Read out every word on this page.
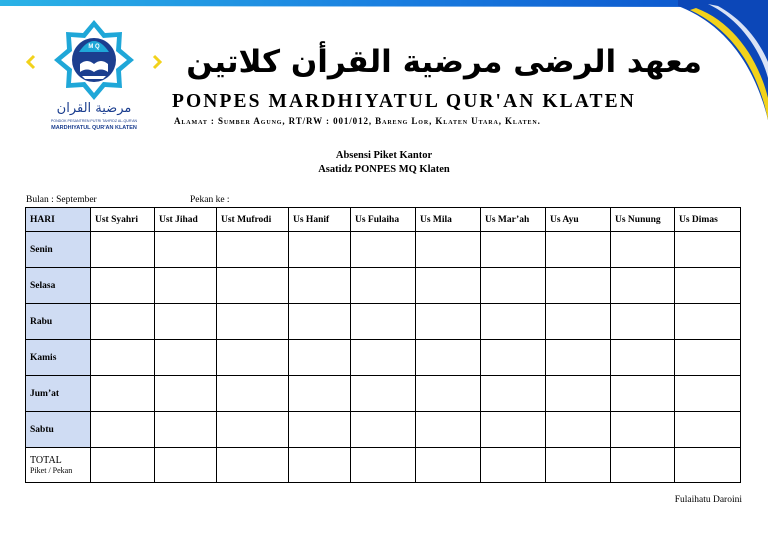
M Q
مرضية القران
PONDOK PESANTREN PUTRI TAHFIDZ AL-QUR'AN
MARDHIYATUL QUR'AN KLATEN
معهد الرضى مرضية القرأن كلاتين
PONPES MARDHIYATUL QUR'AN KLATEN
Alamat : Sumber Agung, RT/RW : 001/012, Bareng Lor, Klaten Utara, Klaten.
Absensi Piket Kantor
Asatidz PONPES MQ Klaten
Bulan : September	Pekan ke :
HARI	Ust Syahri	Ust Jihad	Ust Mufrodi	Us Hanif	Us Fulaiha	Us Mila	Us Mar’ah	Us Ayu	Us Nunung	Us Dimas
Senin										
Selasa										
Rabu										
Kamis										
Jum’at										
Sabtu										

TOTAL
Piket / Pekan										

Fulaihatu Daroini
